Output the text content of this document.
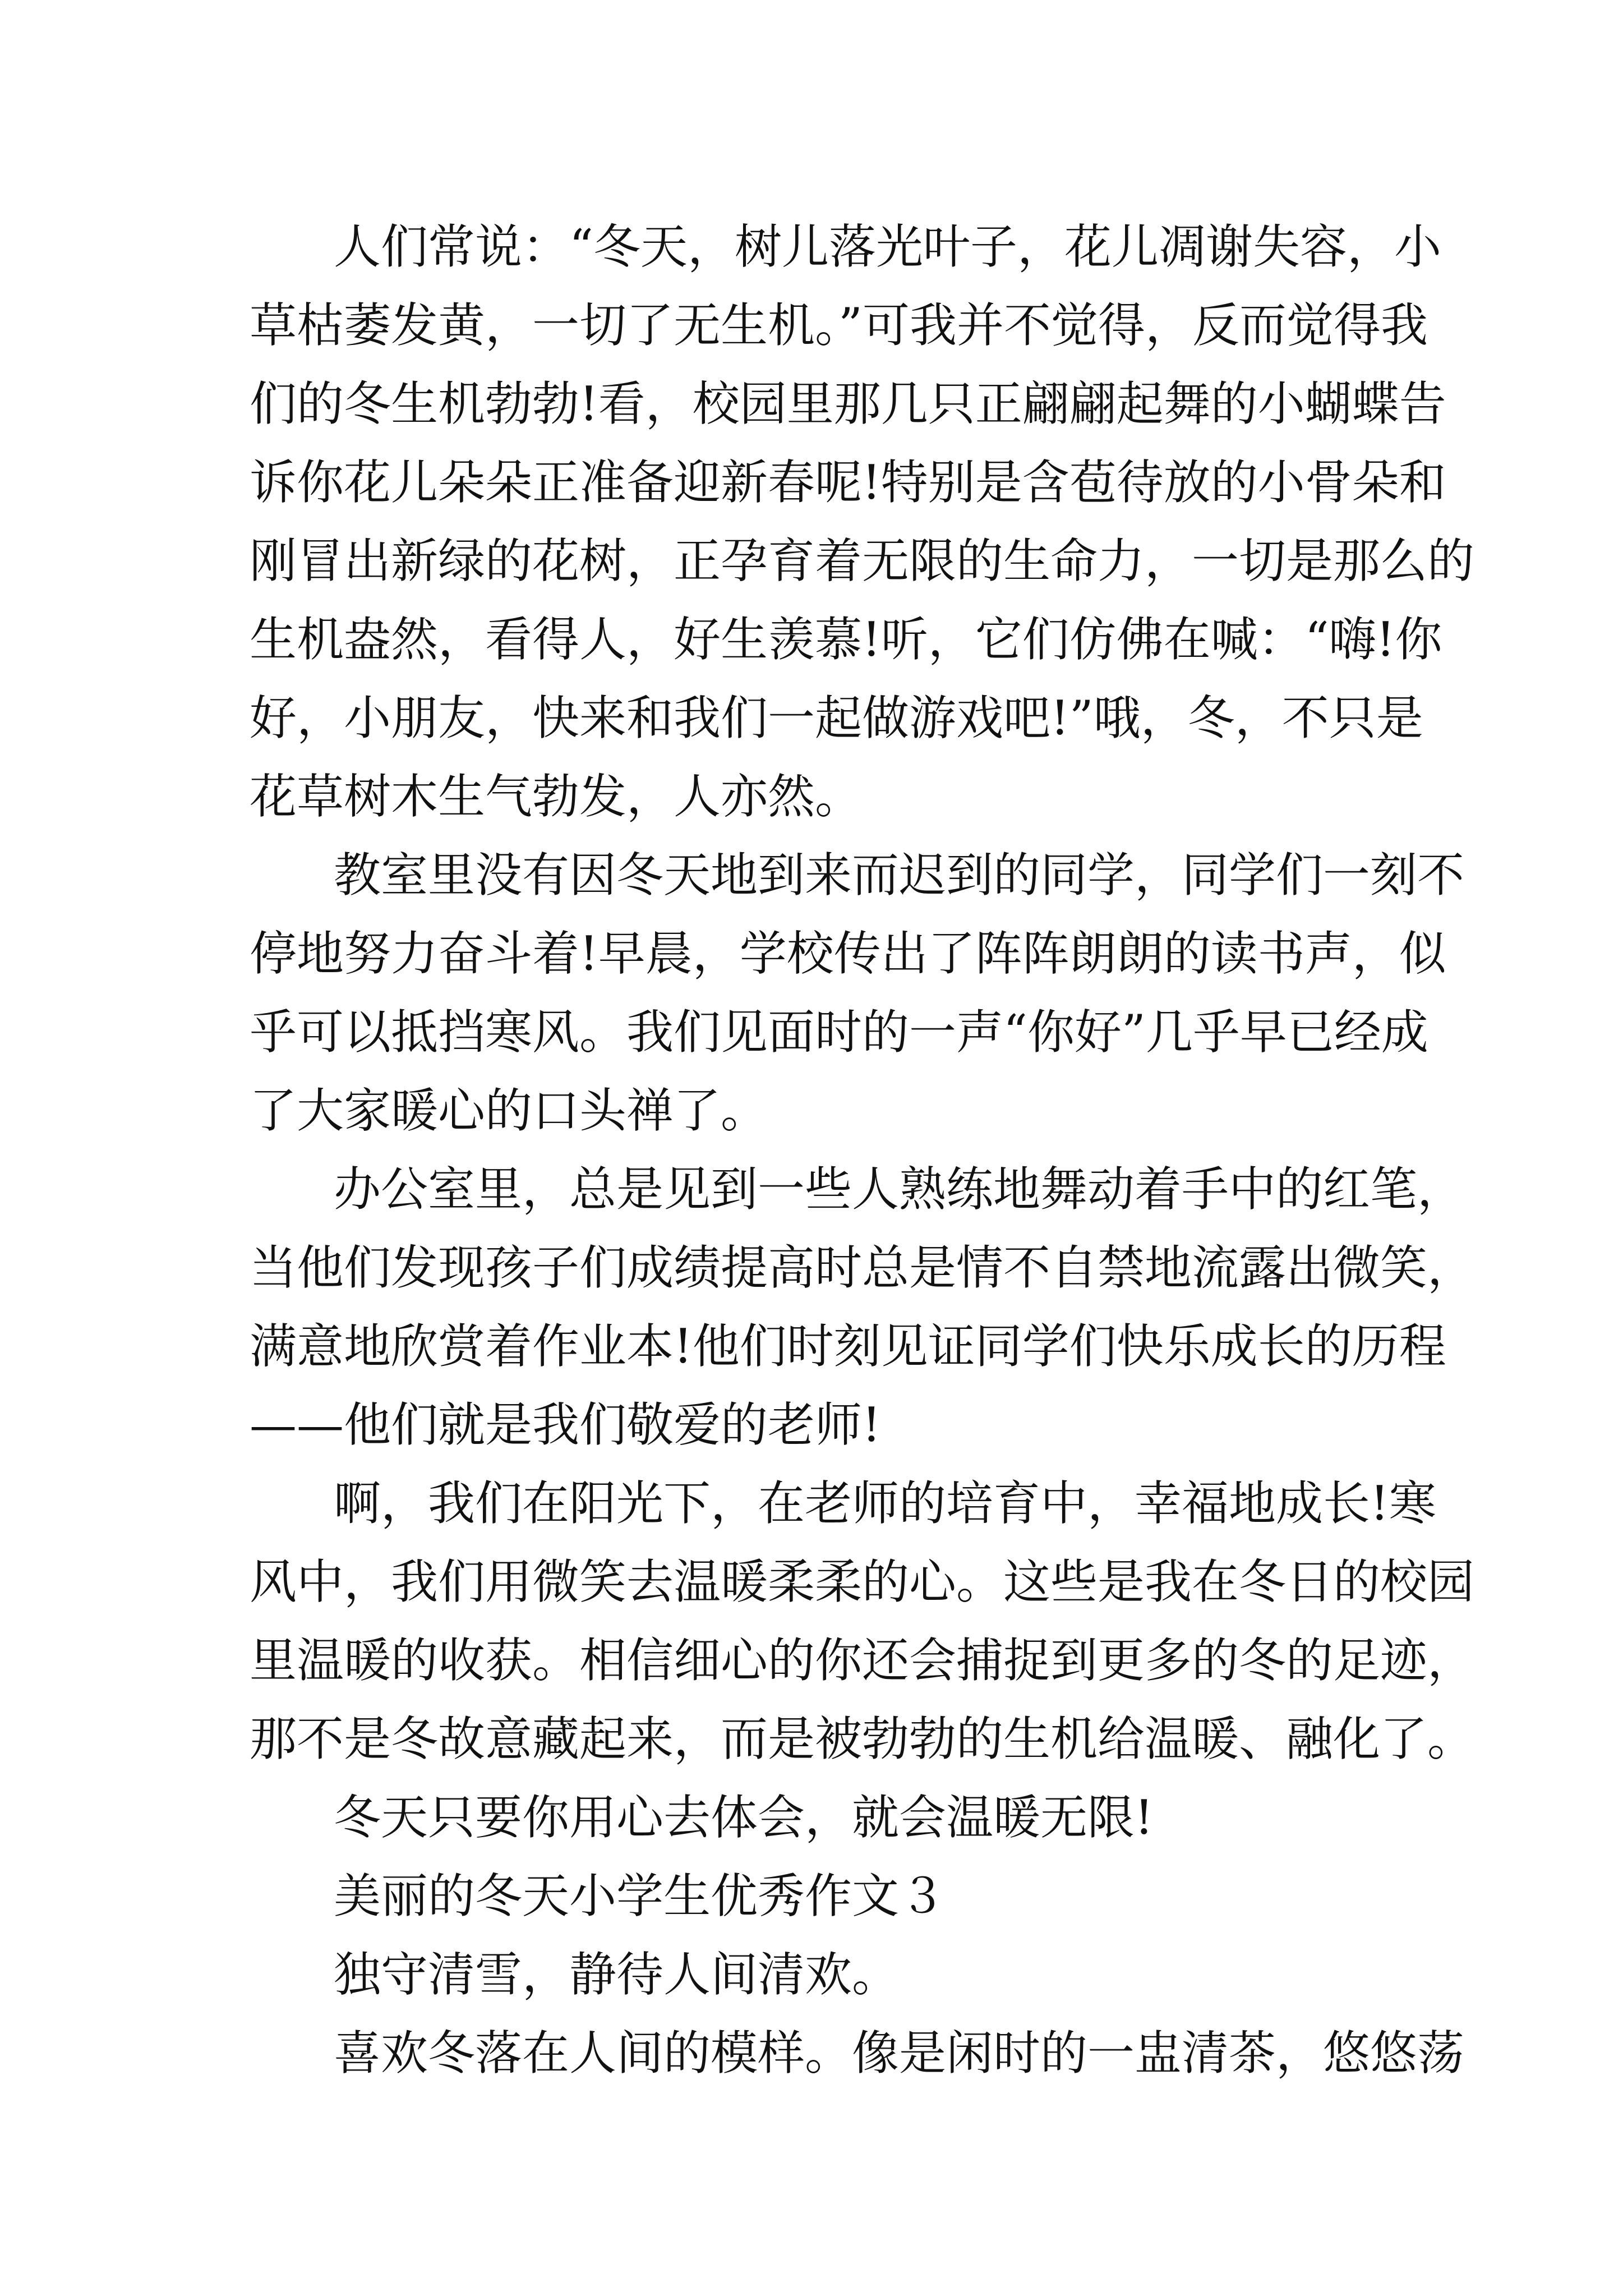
人们常说：“冬天，树儿落光叶子，花儿凋谢失容，小
草枯萎发黄，一切了无生机。”可我并不觉得，反而觉得我
们的冬生机勃勃!看，校园里那几只正翩翩起舞的小蝴蝶告
诉你花儿朵朵正准备迎新春呢!特别是含苞待放的小骨朵和
刚冒出新绿的花树，正孕育着无限的生命力，一切是那么的
生机盎然，看得人，好生羡慕!听，它们仿佛在喊：“嗨!你
好，小朋友，快来和我们一起做游戏吧!”哦，冬，不只是
花草树木生气勃发，人亦然。
教室里没有因冬天地到来而迟到的同学，同学们一刻不
停地努力奋斗着!早晨，学校传出了阵阵朗朗的读书声，似
乎可以抵挡寒风。我们见面时的一声“你好”几乎早已经成
了大家暖心的口头禅了。
办公室里，总是见到一些人熟练地舞动着手中的红笔，
当他们发现孩子们成绩提高时总是情不自禁地流露出微笑，
满意地欣赏着作业本!他们时刻见证同学们快乐成长的历程
——他们就是我们敬爱的老师!
啊，我们在阳光下，在老师的培育中，幸福地成长!寒
风中，我们用微笑去温暖柔柔的心。这些是我在冬日的校园
里温暖的收获。相信细心的你还会捕捉到更多的冬的足迹，
那不是冬故意藏起来，而是被勃勃的生机给温暖、融化了。
冬天只要你用心去体会，就会温暖无限!
美丽的冬天小学生优秀作文３
独守清雪，静待人间清欢。
喜欢冬落在人间的模样。像是闲时的一盅清茶，悠悠荡
